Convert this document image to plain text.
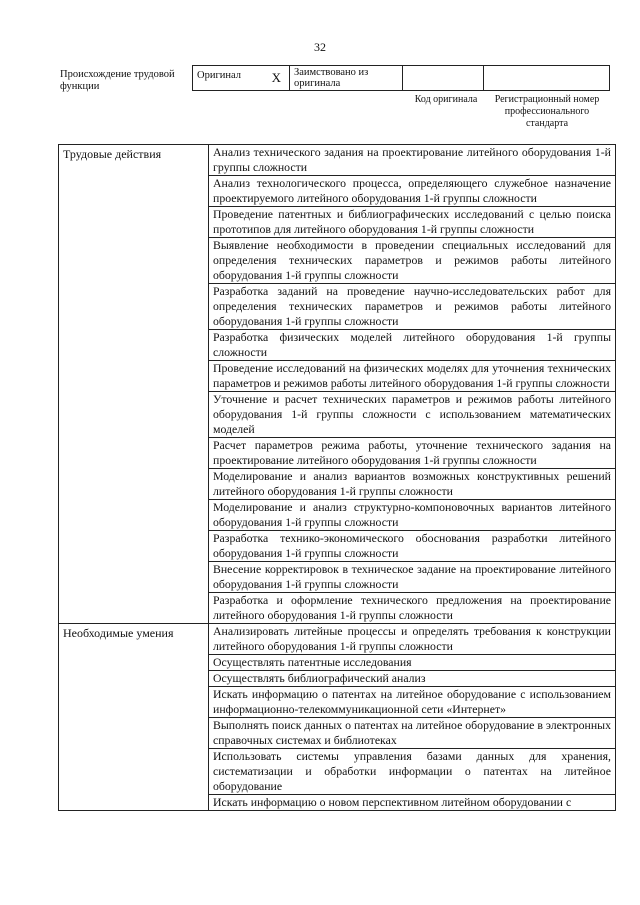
32
Происхождение трудовой функции
Оригинал X	Заимствовано из оригинала		
Код оригинала	Регистрационный номер профессионального стандарта
Трудовые действия	Анализ технического задания на проектирование литейного оборудования 1-й группы сложности
	Анализ технологического процесса, определяющего служебное назначение проектируемого литейного оборудования 1-й группы сложности
	Проведение патентных и библиографических исследований с целью поиска прототипов для литейного оборудования 1-й группы сложности
	Выявление необходимости в проведении специальных исследований для определения технических параметров и режимов работы литейного оборудования 1-й группы сложности
	Разработка заданий на проведение научно-исследовательских работ для определения технических параметров и режимов работы литейного оборудования 1-й группы сложности
	Разработка физических моделей литейного оборудования 1-й группы сложности
	Проведение исследований на физических моделях для уточнения технических параметров и режимов работы литейного оборудования 1-й группы сложности
	Уточнение и расчет технических параметров и режимов работы литейного оборудования 1-й группы сложности с использованием математических моделей
	Расчет параметров режима работы, уточнение технического задания на проектирование литейного оборудования 1-й группы сложности
	Моделирование и анализ вариантов возможных конструктивных решений литейного оборудования 1-й группы сложности
	Моделирование и анализ структурно-компоновочных вариантов литейного оборудования 1-й группы сложности
	Разработка технико-экономического обоснования разработки литейного оборудования 1-й группы сложности
	Внесение корректировок в техническое задание на проектирование литейного оборудования 1-й группы сложности
	Разработка и оформление технического предложения на проектирование литейного оборудования 1-й группы сложности
Необходимые умения	Анализировать литейные процессы и определять требования к конструкции литейного оборудования 1-й группы сложности
	Осуществлять патентные исследования
	Осуществлять библиографический анализ
	Искать информацию о патентах на литейное оборудование с использованием информационно-телекоммуникационной сети «Интернет»
	Выполнять поиск данных о патентах на литейное оборудование в электронных справочных системах и библиотеках
	Использовать системы управления базами данных для хранения, систематизации и обработки информации о патентах на литейное оборудование
	Искать информацию о новом перспективном литейном оборудовании с
